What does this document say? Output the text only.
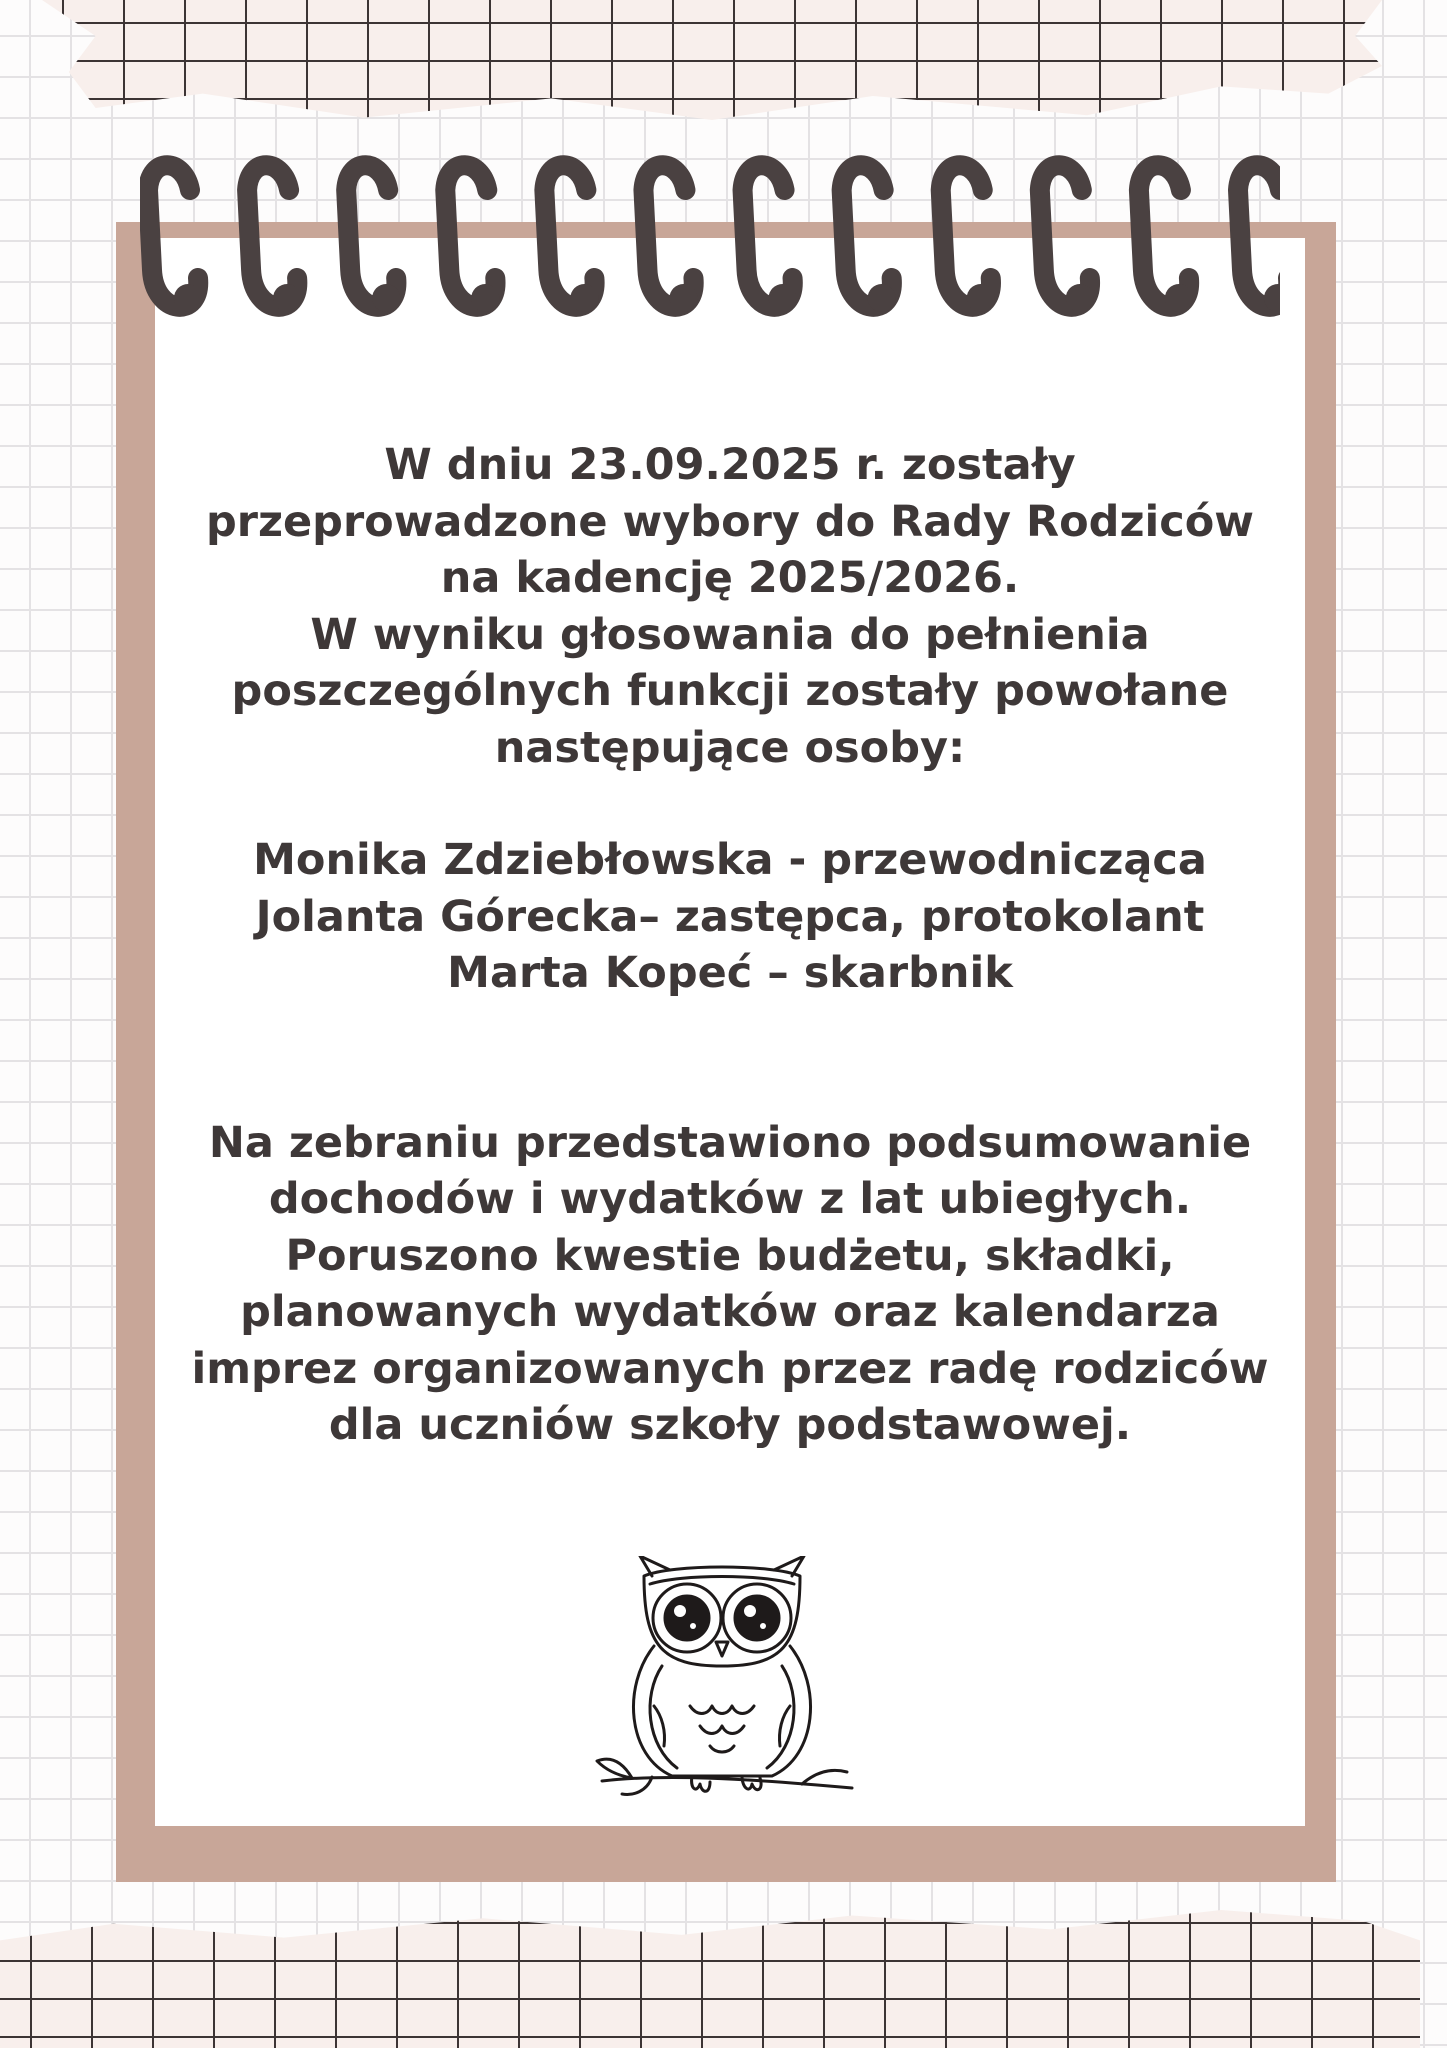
W dniu 23.09.2025 r. zostały

przeprowadzone wybory do Rady Rodziców

na kadencję 2025/2026.

W wyniku głosowania do pełnienia

poszczególnych funkcji zostały powołane

następujące osoby:

Monika Zdziebłowska - przewodnicząca

Jolanta Górecka– zastępca, protokolant

Marta Kopeć – skarbnik

Na zebraniu przedstawiono podsumowanie

dochodów i wydatków z lat ubiegłych.

Poruszono kwestie budżetu, składki,

planowanych wydatków oraz kalendarza

imprez organizowanych przez radę rodziców

dla uczniów szkoły podstawowej.
